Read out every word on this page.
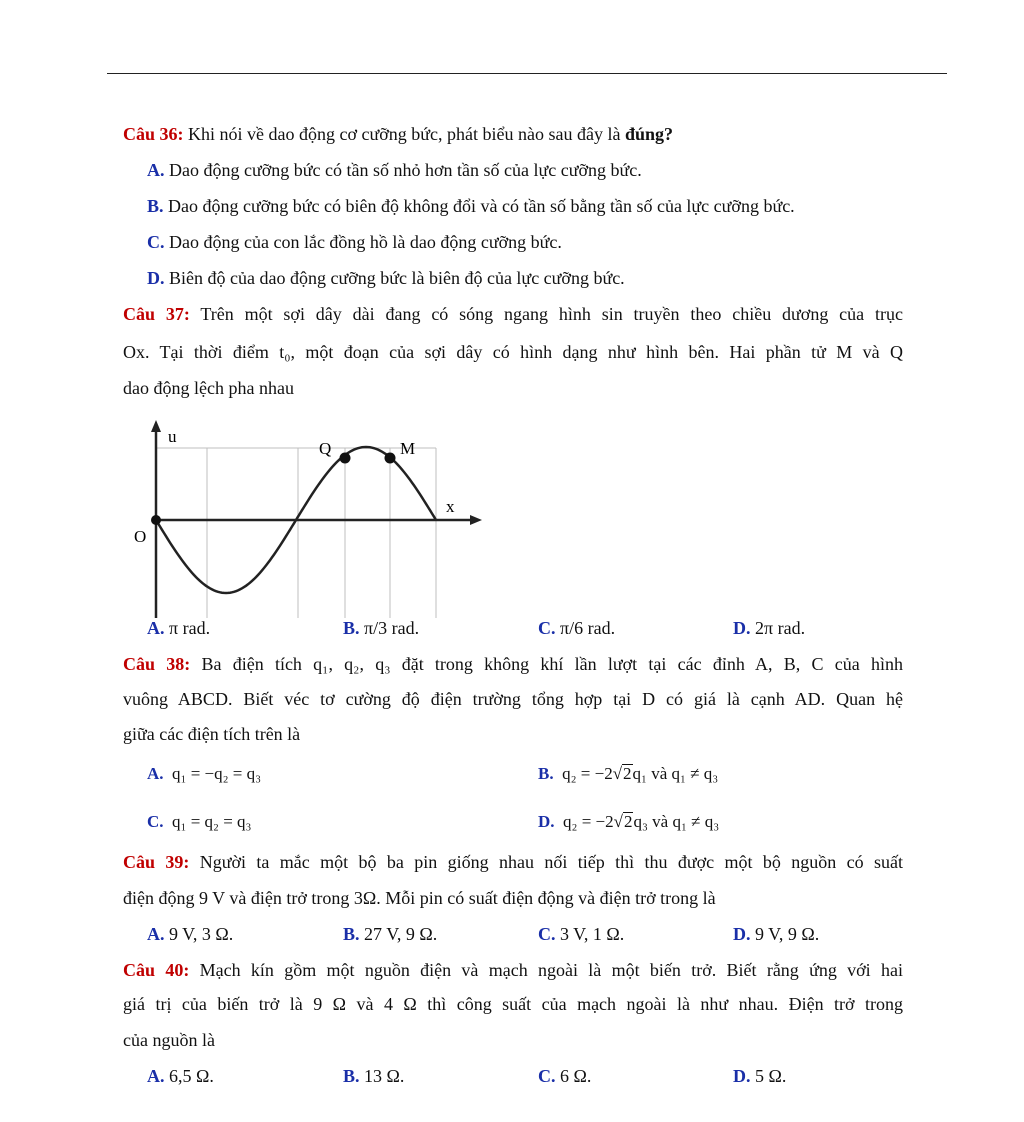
Câu 36: Khi nói về dao động cơ cưỡng bức, phát biểu nào sau đây là đúng?
A. Dao động cưỡng bức có tần số nhỏ hơn tần số của lực cưỡng bức.
B. Dao động cưỡng bức có biên độ không đổi và có tần số bằng tần số của lực cưỡng bức.
C. Dao động của con lắc đồng hồ là dao động cưỡng bức.
D. Biên độ của dao động cưỡng bức là biên độ của lực cưỡng bức.
Câu 37: Trên một sợi dây dài đang có sóng ngang hình sin truyền theo chiều dương của trục
Ox. Tại thời điểm t₀, một đoạn của sợi dây có hình dạng như hình bên. Hai phần tử M và Q
dao động lệch pha nhau
A. π rad.	B. π/3 rad.	C. π/6 rad.	D. 2π rad.
Câu 38: Ba điện tích q₁, q₂, q₃ đặt trong không khí lần lượt tại các đỉnh A, B, C của hình
vuông ABCD. Biết véc tơ cường độ điện trường tổng hợp tại D có giá là cạnh AD. Quan hệ
giữa các điện tích trên là
A. q₁ = −q₂ = q₃	B. q₂ = −2√2q₁ và q₁ ≠ q₃
C. q₁ = q₂ = q₃	D. q₂ = −2√2q₃ và q₁ ≠ q₃
Câu 39: Người ta mắc một bộ ba pin giống nhau nối tiếp thì thu được một bộ nguồn có suất
điện động 9 V và điện trở trong 3Ω. Mỗi pin có suất điện động và điện trở trong là
A. 9 V, 3 Ω.	B. 27 V, 9 Ω.	C. 3 V, 1 Ω.	D. 9 V, 9 Ω.
Câu 40: Mạch kín gồm một nguồn điện và mạch ngoài là một biến trở. Biết rằng ứng với hai
giá trị của biến trở là 9 Ω và 4 Ω thì công suất của mạch ngoài là như nhau. Điện trở trong
của nguồn là
A. 6,5 Ω.	B. 13 Ω.	C. 6 Ω.	D. 5 Ω.
u
x
O
Q	M
